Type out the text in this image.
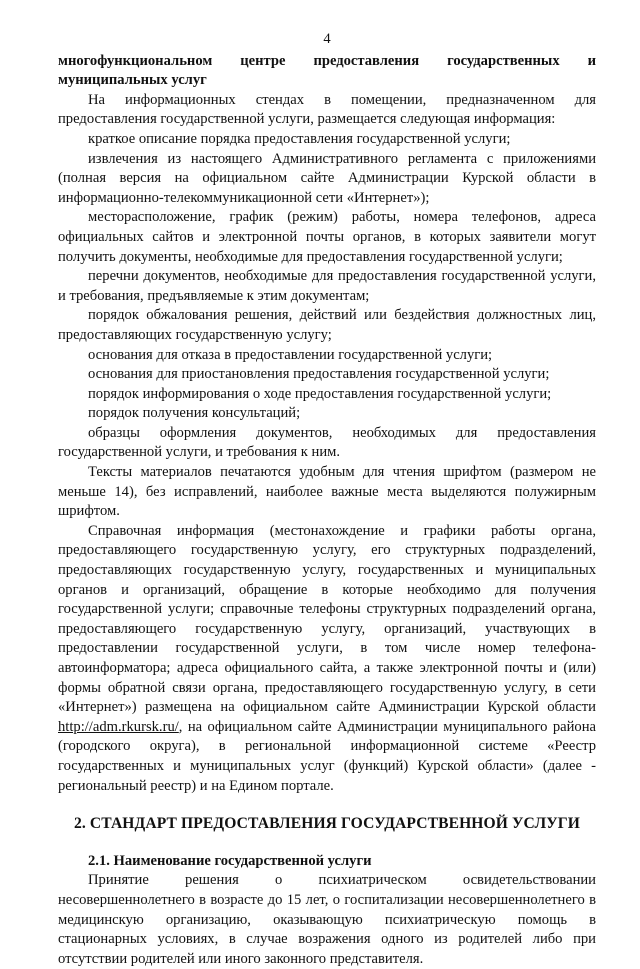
4

многофункциональном центре предоставления государственных и муниципальных услуг

На информационных стендах в помещении, предназначенном для предоставления государственной услуги, размещается следующая информация:

краткое описание порядка предоставления государственной услуги;

извлечения из настоящего Административного регламента с приложениями (полная версия на официальном сайте Администрации Курской области в информационно-телекоммуникационной сети «Интернет»);

месторасположение, график (режим) работы, номера телефонов, адреса официальных сайтов и электронной почты органов, в которых заявители могут получить документы, необходимые для предоставления государственной услуги;

перечни документов, необходимые для предоставления государственной услуги, и требования, предъявляемые к этим документам;

порядок обжалования решения, действий или бездействия должностных лиц, предоставляющих государственную услугу;

основания для отказа в предоставлении государственной услуги;

основания для приостановления предоставления государственной услуги;

порядок информирования о ходе предоставления государственной услуги;

порядок получения консультаций;

образцы оформления документов, необходимых для предоставления государственной услуги, и требования к ним.

Тексты материалов печатаются удобным для чтения шрифтом (размером не меньше 14), без исправлений, наиболее важные места выделяются полужирным шрифтом.

Справочная информация (местонахождение и графики работы органа, предоставляющего государственную услугу, его структурных подразделений, предоставляющих государственную услугу, государственных и муниципальных органов и организаций, обращение в которые необходимо для получения государственной услуги; справочные телефоны структурных подразделений органа, предоставляющего государственную услугу, организаций, участвующих в предоставлении государственной услуги, в том числе номер телефона-автоинформатора; адреса официального сайта, а также электронной почты и (или) формы обратной связи органа, предоставляющего государственную услугу, в сети «Интернет») размещена на официальном сайте Администрации Курской области http://adm.rkursk.ru/, на официальном сайте Администрации муниципального района (городского округа), в региональной информационной системе «Реестр государственных и муниципальных услуг (функций) Курской области» (далее - региональный реестр) и на Едином портале.

2. СТАНДАРТ ПРЕДОСТАВЛЕНИЯ ГОСУДАРСТВЕННОЙ УСЛУГИ

2.1. Наименование государственной услуги

Принятие решения о психиатрическом освидетельствовании несовершеннолетнего в возрасте до 15 лет, о госпитализации несовершеннолетнего в медицинскую организацию, оказывающую психиатрическую помощь в стационарных условиях, в случае возражения одного из родителей либо при отсутствии родителей или иного законного представителя.
